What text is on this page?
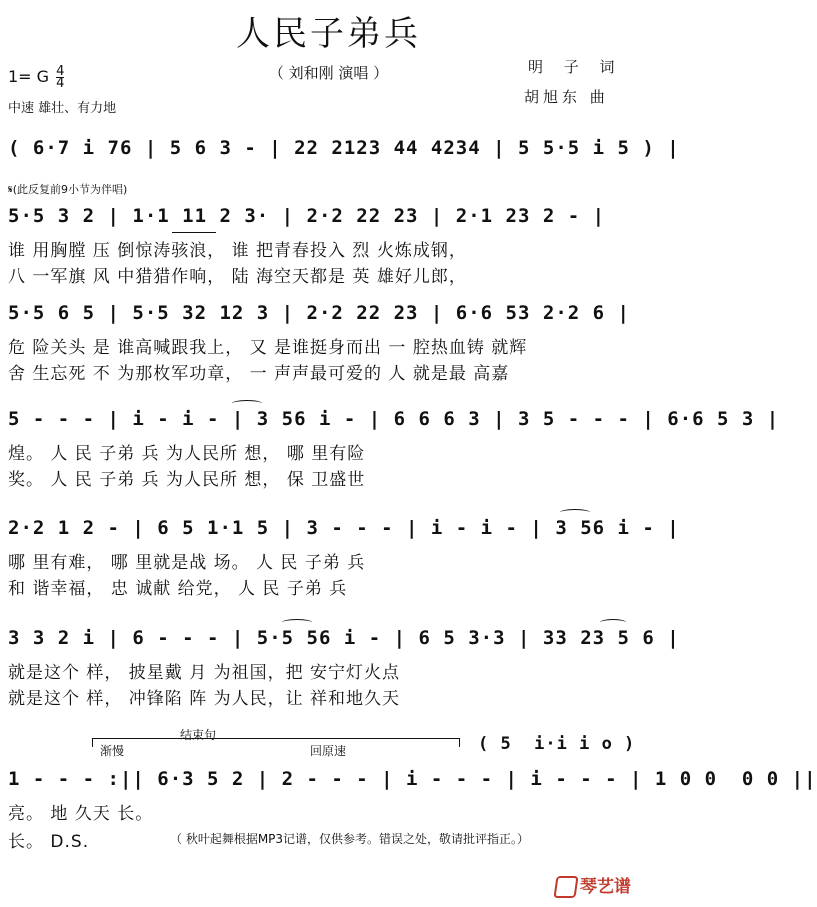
人民子弟兵
（ 刘和刚 演唱 ）	明 子 词
胡旭东 曲
1= G $\frac{4}{4}$
中速 雄壮、有力地
( 6·7 i 76 | 5 6 3 - | 22 2123 44 4234 | 5 5·5 i 5 ) |
𝄋(此反复前9小节为伴唱)
5·5 3 2 | 1·1 11 2 3· | 2·2 22 23 | 2·1 23 2 - |
谁 用胸膛 压 倒惊涛骇浪， 谁 把青春投入 烈 火炼成钢，
八 一军旗 风 中猎猎作响， 陆 海空天都是 英 雄好儿郎，
5·5 6 5 | 5·5 32 12 3 | 2·2 22 23 | 6·6 53 2·2 6 |
危 险关头 是 谁高喊跟我上， 又 是谁挺身而出 一 腔热血铸 就辉
舍 生忘死 不 为那枚军功章， 一 声声最可爱的 人 就是最 高嘉
5 - - - | i - i - | 3 56 i - | 6 6 6 3 | 3 5 - - - | 6·6 5 3 |
煌。 人 民 子弟 兵 为人民所 想， 哪 里有险
奖。 人 民 子弟 兵 为人民所 想， 保 卫盛世
2·2 1 2 - | 6 5 1·1 5 | 3 - - - | i - i - | 3 56 i - |
哪 里有难， 哪 里就是战 场。 人 民 子弟 兵
和 谐幸福， 忠 诚献 给党， 人 民 子弟 兵
3 3 2 i | 6 - - - | 5·5 56 i - | 6 5 3·3 | 33 23 5 6 |
就是这个 样， 披星戴 月 为祖国，把 安宁灯火点
就是这个 样， 冲锋陷 阵 为人民，让 祥和地久天
渐慢
结束句
回原速	( 5  i·i i o )
1 - - - :|| 6·3 5 2 | 2 - - - | i - - - | i - - - | 1 0 0  0 0 ||
亮。 地 久天 长。
长。 D.S.	（ 秋叶起舞根据MP3记谱，仅供参考。错误之处，敬请批评指正。）
琴艺谱
